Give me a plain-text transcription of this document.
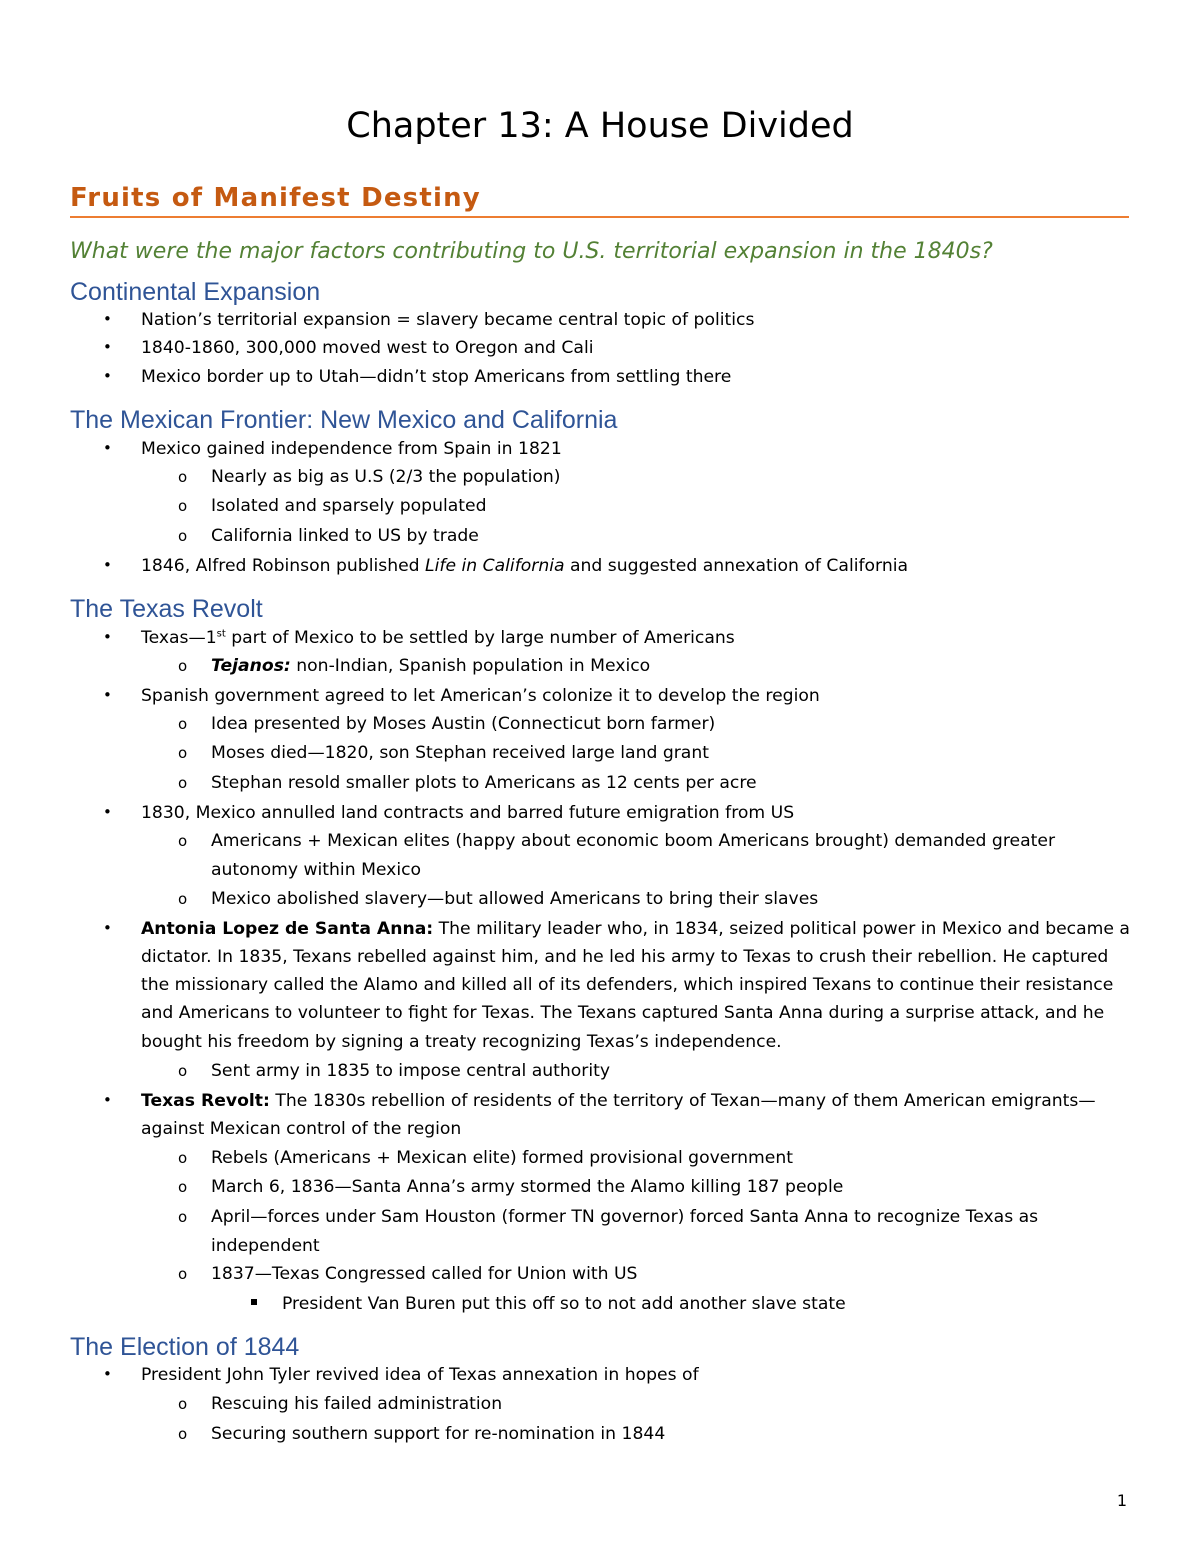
Chapter 13: A House Divided
Fruits of Manifest Destiny
What were the major factors contributing to U.S. territorial expansion in the 1840s?
Continental Expansion
• Nation’s territorial expansion = slavery became central topic of politics
• 1840-1860, 300,000 moved west to Oregon and Cali
• Mexico border up to Utah—didn’t stop Americans from settling there
The Mexican Frontier: New Mexico and California
• Mexico gained independence from Spain in 1821
o Nearly as big as U.S (2/3 the population)
o Isolated and sparsely populated
o California linked to US by trade
• 1846, Alfred Robinson published Life in California and suggested annexation of California
The Texas Revolt
• Texas—1st part of Mexico to be settled by large number of Americans
o Tejanos: non-Indian, Spanish population in Mexico
• Spanish government agreed to let American’s colonize it to develop the region
o Idea presented by Moses Austin (Connecticut born farmer)
o Moses died—1820, son Stephan received large land grant
o Stephan resold smaller plots to Americans as 12 cents per acre
• 1830, Mexico annulled land contracts and barred future emigration from US
o Americans + Mexican elites (happy about economic boom Americans brought) demanded greater
autonomy within Mexico
o Mexico abolished slavery—but allowed Americans to bring their slaves
• Antonia Lopez de Santa Anna: The military leader who, in 1834, seized political power in Mexico and became a
dictator. In 1835, Texans rebelled against him, and he led his army to Texas to crush their rebellion. He captured
the missionary called the Alamo and killed all of its defenders, which inspired Texans to continue their resistance
and Americans to volunteer to fight for Texas. The Texans captured Santa Anna during a surprise attack, and he
bought his freedom by signing a treaty recognizing Texas’s independence.
o Sent army in 1835 to impose central authority
• Texas Revolt: The 1830s rebellion of residents of the territory of Texan—many of them American emigrants—
against Mexican control of the region
o Rebels (Americans + Mexican elite) formed provisional government
o March 6, 1836—Santa Anna’s army stormed the Alamo killing 187 people
o April—forces under Sam Houston (former TN governor) forced Santa Anna to recognize Texas as
independent
o 1837—Texas Congressed called for Union with US
President Van Buren put this off so to not add another slave state
The Election of 1844
• President John Tyler revived idea of Texas annexation in hopes of
o Rescuing his failed administration
o Securing southern support for re-nomination in 1844
1
